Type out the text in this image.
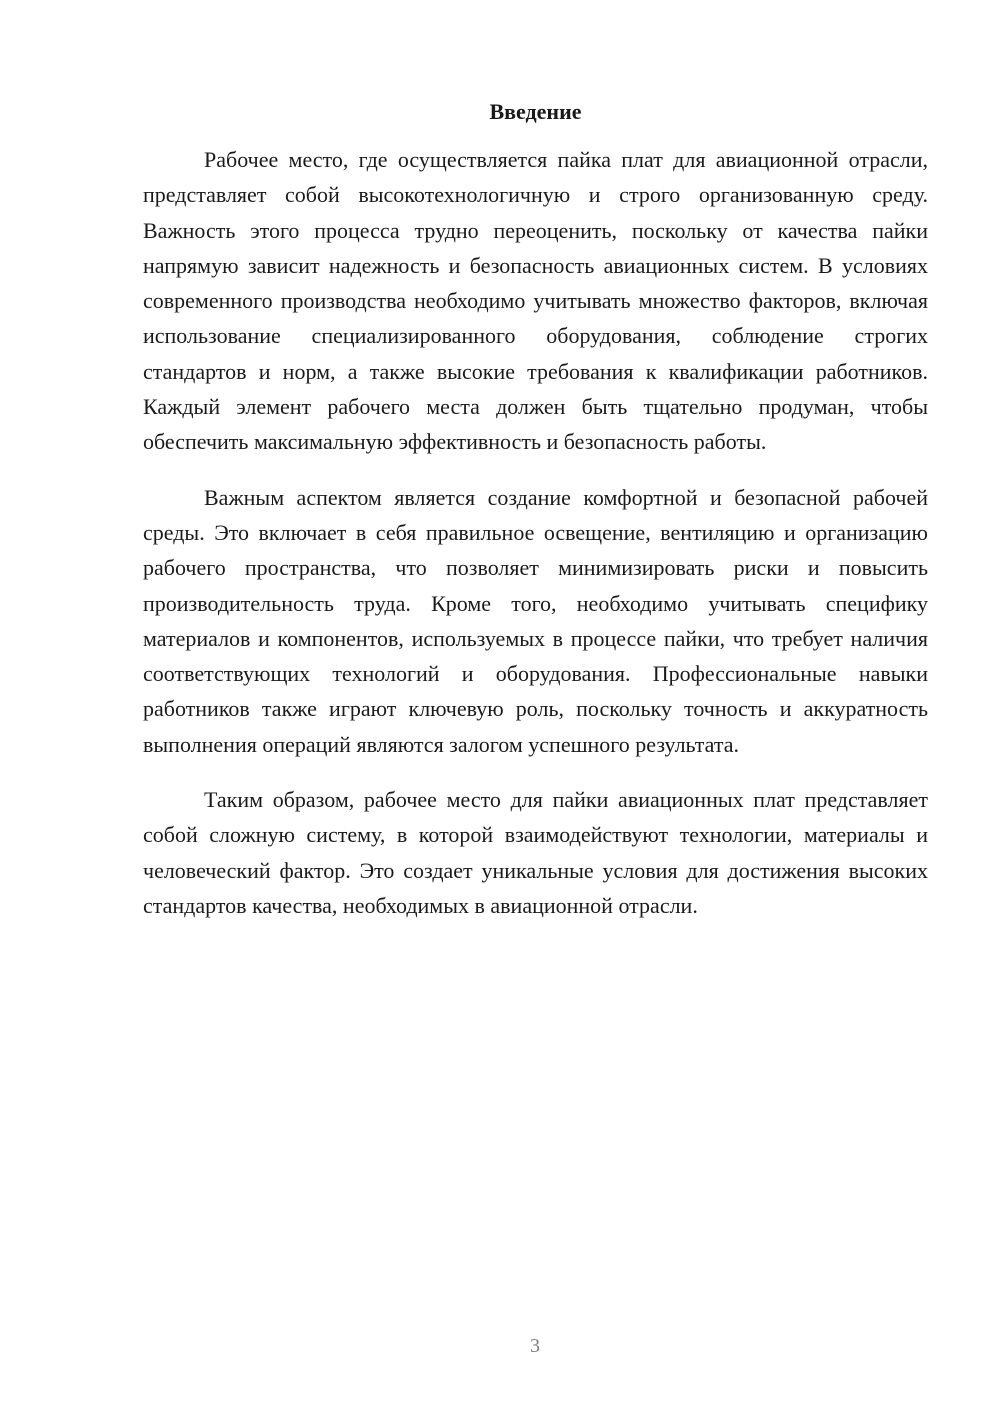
Введение

Рабочее место, где осуществляется пайка плат для авиационной отрасли, представляет собой высокотехнологичную и строго организованную среду. Важность этого процесса трудно переоценить, поскольку от качества пайки напрямую зависит надежность и безопасность авиационных систем. В условиях современного производства необходимо учитывать множество факторов, включая использование специализированного оборудования, соблюдение строгих стандартов и норм, а также высокие требования к квалификации работников. Каждый элемент рабочего места должен быть тщательно продуман, чтобы обеспечить максимальную эффективность и безопасность работы.

Важным аспектом является создание комфортной и безопасной рабочей среды. Это включает в себя правильное освещение, вентиляцию и организацию рабочего пространства, что позволяет минимизировать риски и повысить производительность труда. Кроме того, необходимо учитывать специфику материалов и компонентов, используемых в процессе пайки, что требует наличия соответствующих технологий и оборудования. Профессиональные навыки работников также играют ключевую роль, поскольку точность и аккуратность выполнения операций являются залогом успешного результата.

Таким образом, рабочее место для пайки авиационных плат представляет собой сложную систему, в которой взаимодействуют технологии, материалы и человеческий фактор. Это создает уникальные условия для достижения высоких стандартов качества, необходимых в авиационной отрасли.

3
